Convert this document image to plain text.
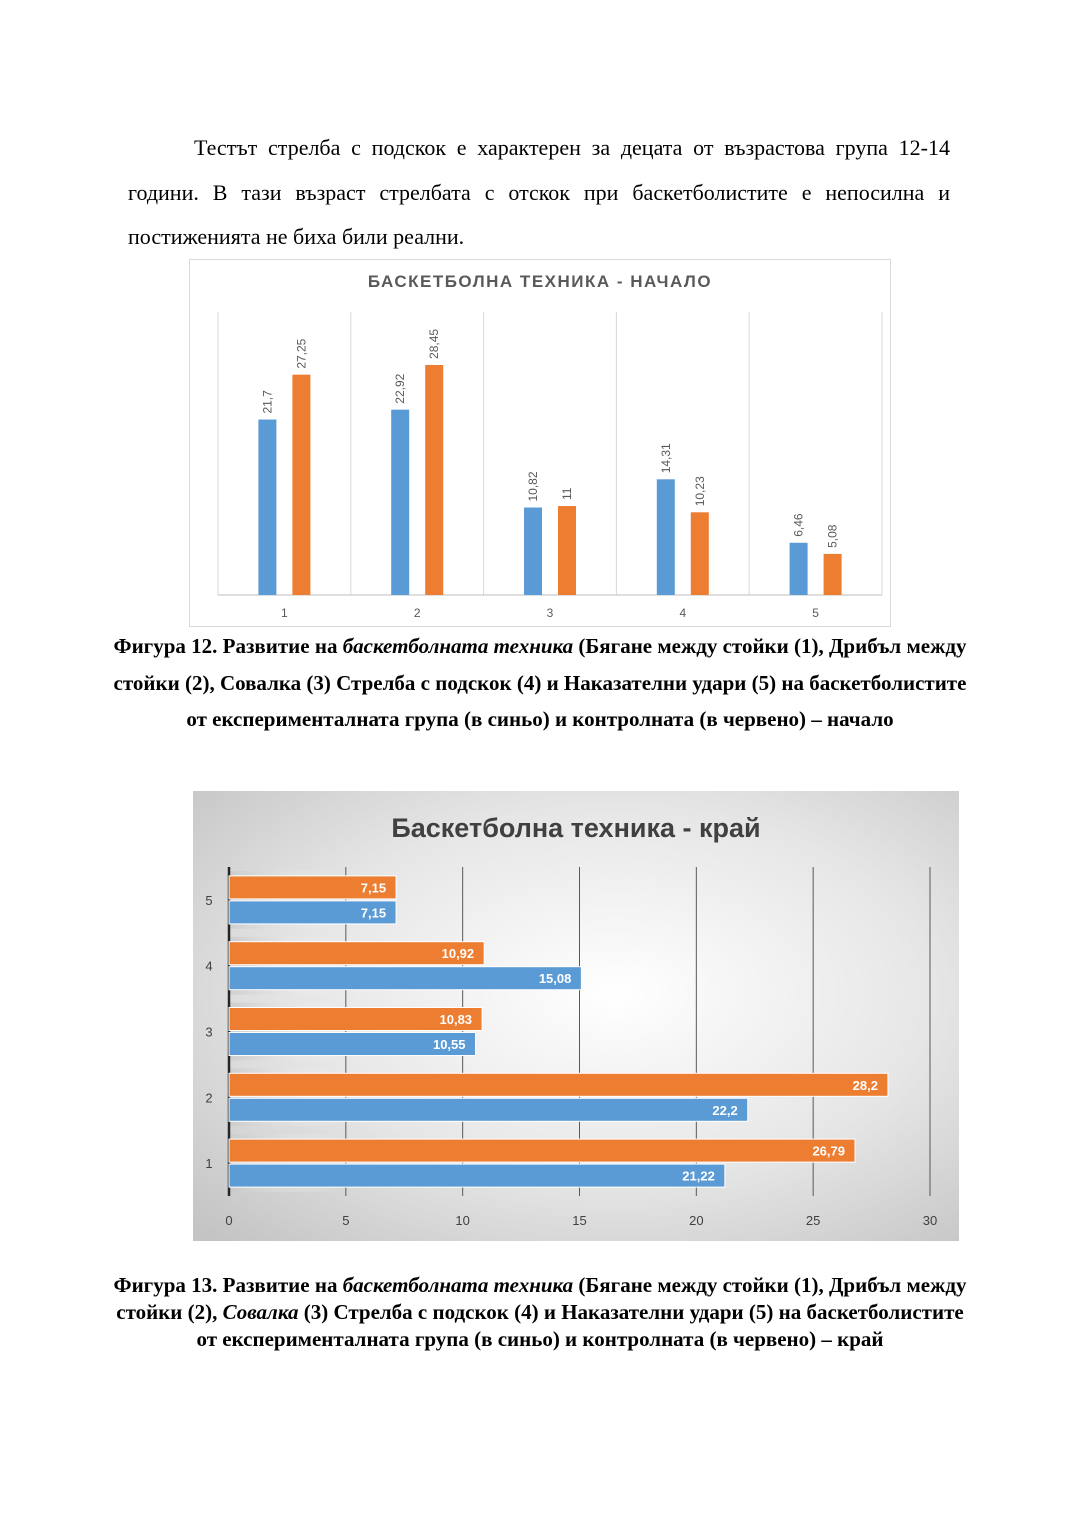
Тестът стрелба с подскок е характерен за децата от възрастова група 12-14 години. В тази възраст стрелбата с отскок при баскетболистите е непосилна и постиженията не биха били реални.

БАСКЕТБОЛНА ТЕХНИКА - НАЧАЛО
21,7
27,25
1
22,92
28,45
2
10,82 11
3
14,31
10,23
4
6,46 5,08
5

Фигура 12. Развитие на баскетболната техника (Бягане между стойки (1), Дрибъл между стойки (2), Совалка (3) Стрелба с подскок (4) и Наказателни удари (5) на баскетболистите от експерименталната група (в синьо) и контролната (в червено) – начало

Баскетболна техника - край
0	5	10	15	20	25	30
21,22
26,79
1
22,2
28,2
2
10,55
10,83
3
15,08
10,92
4
7,15
7,15
5

Фигура 13. Развитие на баскетболната техника (Бягане между стойки (1), Дрибъл между стойки (2), Совалка (3) Стрелба с подскок (4) и Наказателни удари (5) на баскетболистите от експерименталната група (в синьо) и контролната (в червено) – край
